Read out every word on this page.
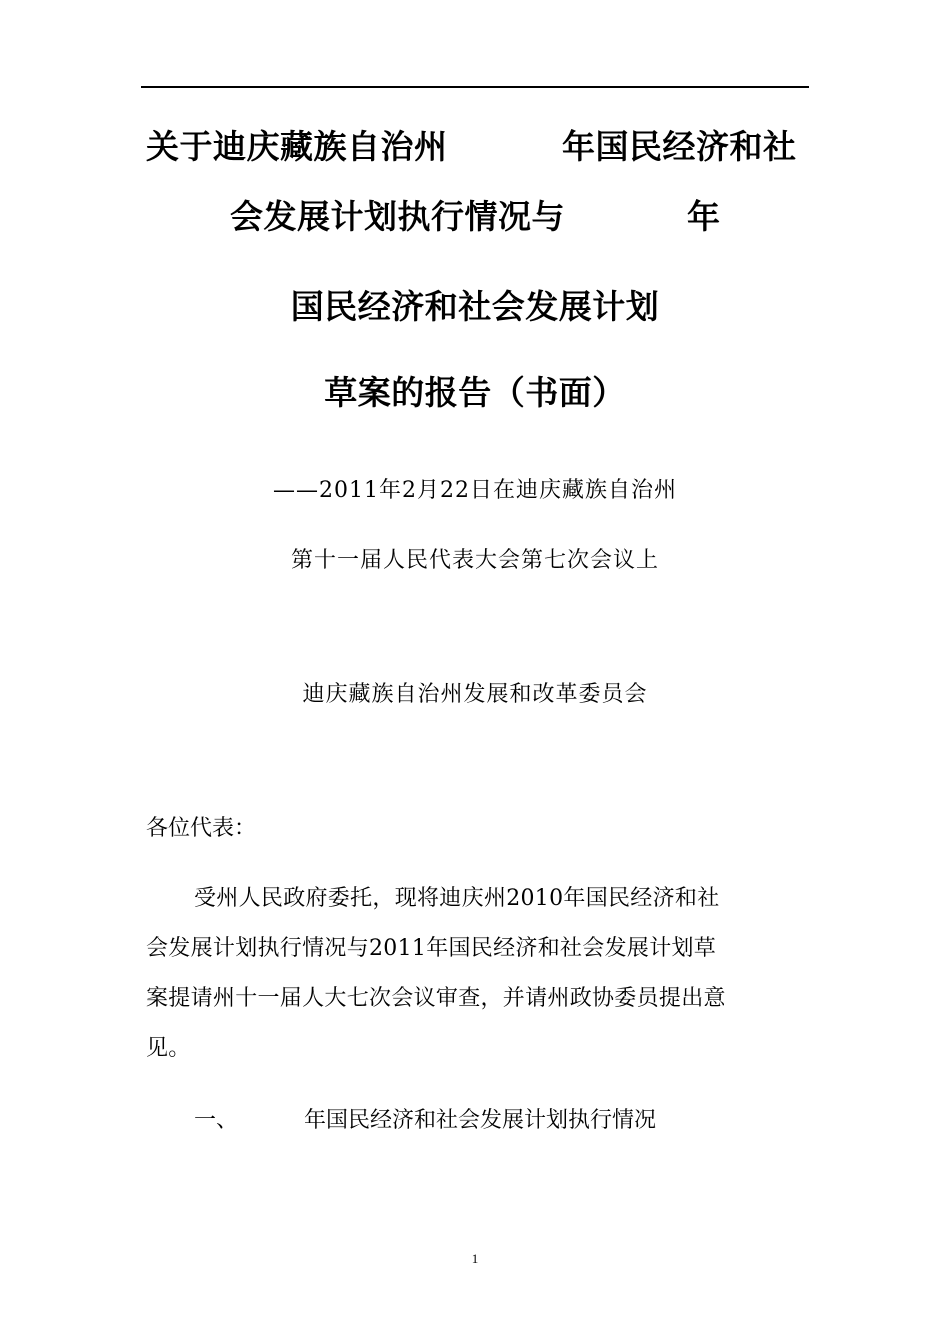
关于迪庆藏族自治州	年国民经济和社
会发展计划执行情况与	年
国民经济和社会发展计划
草案的报告（书面）
——2011年2月22日在迪庆藏族自治州
第十一届人民代表大会第七次会议上
迪庆藏族自治州发展和改革委员会
各位代表：
受州人民政府委托，现将迪庆州2010年国民经济和社
会发展计划执行情况与2011年国民经济和社会发展计划草
案提请州十一届人大七次会议审查，并请州政协委员提出意
见。
一、	年国民经济和社会发展计划执行情况
1
